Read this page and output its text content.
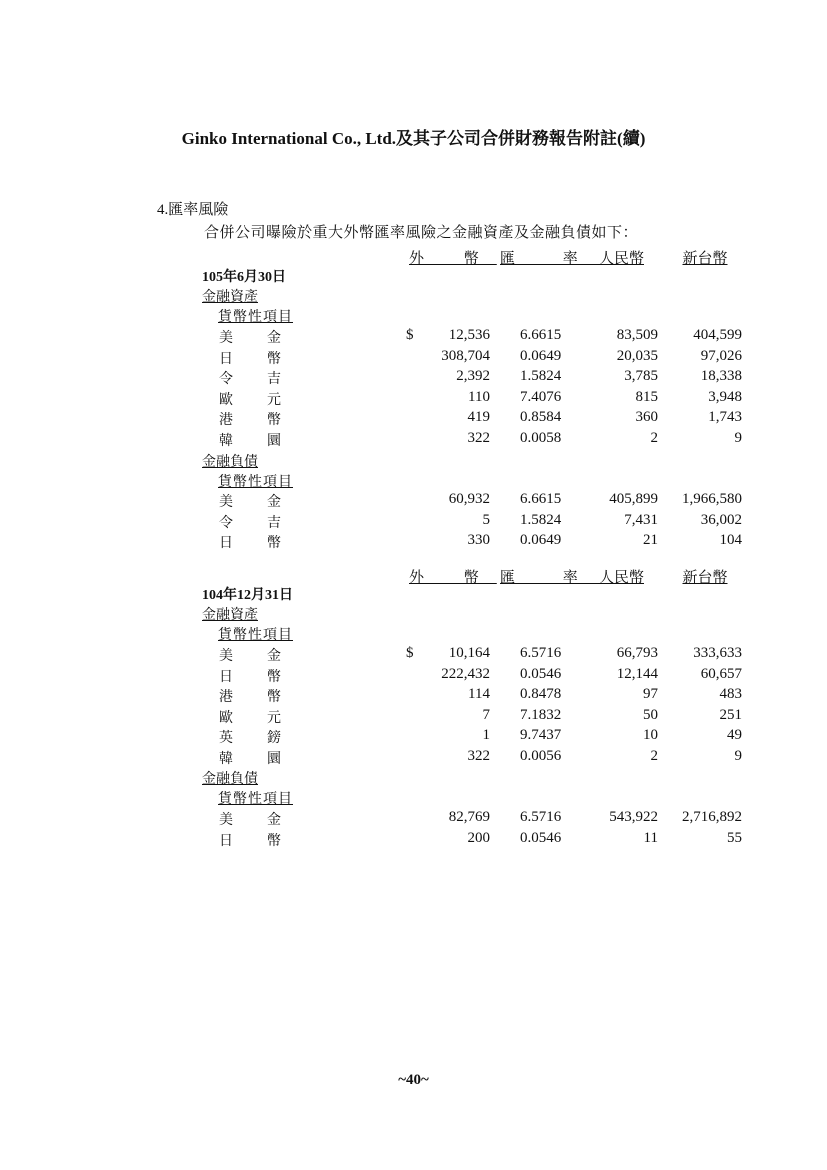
Ginko International Co., Ltd.及其子公司合併財務報告附註(續)
4.匯率風險
合併公司曝險於重大外幣匯率風險之金融資產及金融負債如下：
外 幣 匯 率 人民幣	新台幣
105年6月30日
金融資產
貨幣性項目
$
美 金	12,536 6.6615	83,509	404,599
日 幣	308,704 0.0649	20,035	97,026
令 吉	2,392 1.5824	3,785	18,338
歐 元	110 7.4076	815	3,948
港 幣	419 0.8584	360	1,743
韓 圜	322 0.0058	2	9
金融負債
貨幣性項目
美 金	60,932 6.6615	405,899	1,966,580
令 吉	5 1.5824	7,431	36,002
日 幣	330 0.0649	21	104
外 幣 匯 率 人民幣	新台幣
104年12月31日
金融資產
貨幣性項目
$
美 金	10,164 6.5716	66,793	333,633
日 幣	222,432 0.0546	12,144	60,657
港 幣	114 0.8478	97	483
歐 元	7 7.1832	50	251
英 鎊	1 9.7437	10	49
韓 圜	322 0.0056	2	9
金融負債
貨幣性項目
美 金	82,769 6.5716	543,922	2,716,892
日 幣	200 0.0546	11	55
~40~
